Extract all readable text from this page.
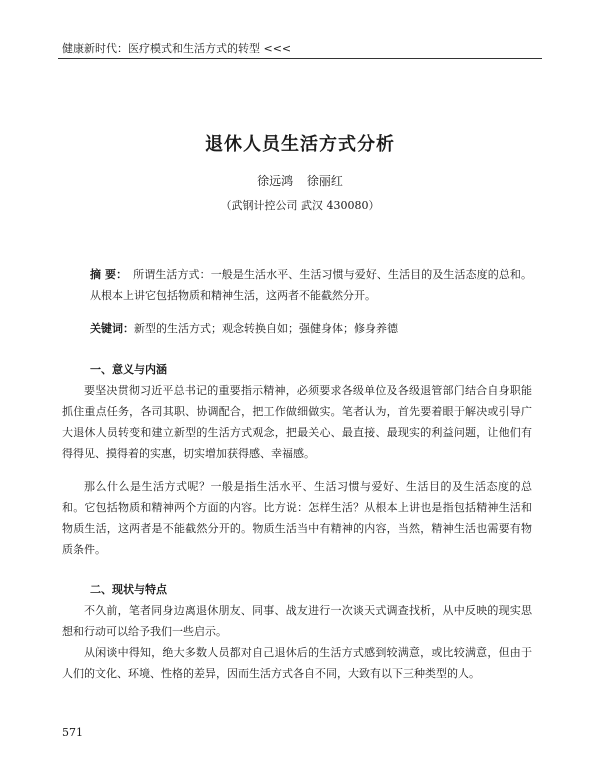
健康新时代：医疗模式和生活方式的转型 <<<
退休人员生活方式分析
徐远鸿 徐丽红
（武钢计控公司 武汉 430080）
摘 要： 所谓生活方式：一般是生活水平、生活习惯与爱好、生活目的及生活态度的总和。从根本上讲它包括物质和精神生活，这两者不能截然分开。
关键词：新型的生活方式；观念转换自如；强健身体；修身养德
一、意义与内涵

要坚决贯彻习近平总书记的重要指示精神，必须要求各级单位及各级退管部门结合自身职能抓住重点任务，各司其职、协调配合，把工作做细做实。笔者认为，首先要着眼于解决或引导广大退休人员转变和建立新型的生活方式观念，把最关心、最直接、最现实的利益问题，让他们有得得见、摸得着的实惠，切实增加获得感、幸福感。

那么什么是生活方式呢？一般是指生活水平、生活习惯与爱好、生活目的及生活态度的总和。它包括物质和精神两个方面的内容。比方说：怎样生活？从根本上讲也是指包括精神生活和物质生活，这两者是不能截然分开的。物质生活当中有精神的内容，当然，精神生活也需要有物质条件。

二、现状与特点

不久前，笔者同身边离退休朋友、同事、战友进行一次谈天式调查找析，从中反映的现实思想和行动可以给予我们一些启示。

从闲谈中得知，绝大多数人员都对自己退休后的生活方式感到较满意，或比较满意，但由于人们的文化、环境、性格的差异，因而生活方式各自不同，大致有以下三种类型的人。

571
